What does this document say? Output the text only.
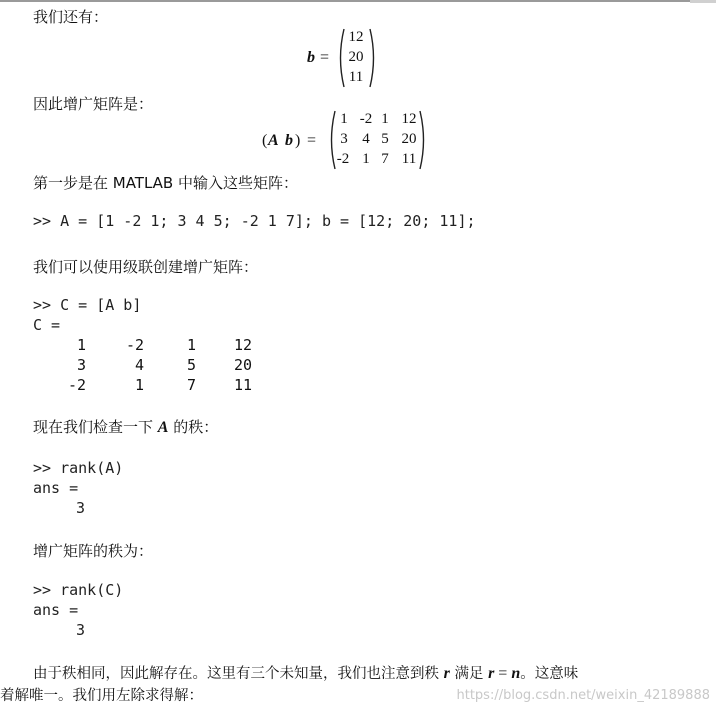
我们还有：
b =
12
20
11
因此增广矩阵是：
( A b ) =
1 -2 1 12
3 4 5 20
-2 1 7 11
第一步是在 MATLAB 中输入这些矩阵：
>> A = [1 -2 1; 3 4 5; -2 1 7]; b = [12; 20; 11];
我们可以使用级联创建增广矩阵：
>> C = [A b]
C =
1	-2	1	12
3	4	5	20
-2	1	7	11
现在我们检查一下 A 的秩：
>> rank(A)
ans =
3
增广矩阵的秩为：
>> rank(C)
ans =
3
由于秩相同，因此解存在。这里有三个未知量，我们也注意到秩 r 满足 r = n。这意味
着解唯一。我们用左除求得解：	https://blog.csdn.net/weixin_42189888
